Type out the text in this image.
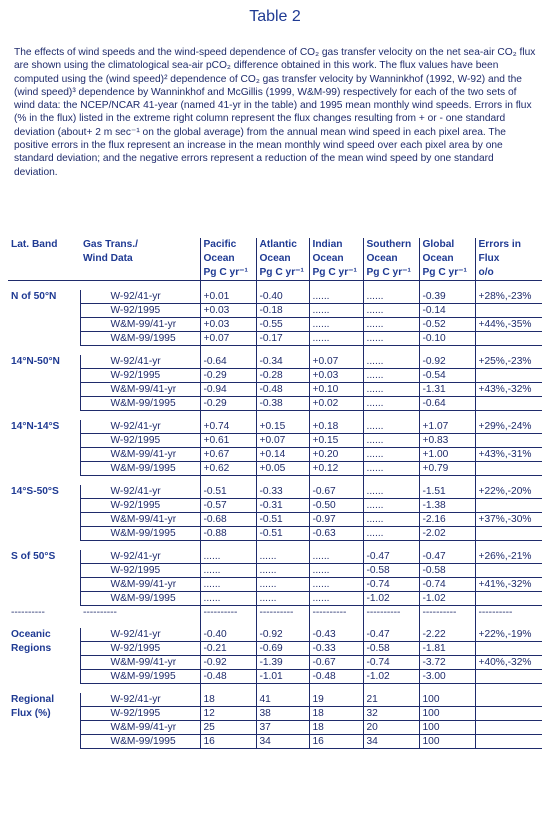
Table 2
The effects of wind speeds and the wind-speed dependence of CO₂ gas transfer velocity on the net sea-air CO₂ flux are shown using the climatological sea-air pCO₂ difference obtained in this work. The flux values have been computed using the (wind speed)² dependence of CO₂ gas transfer velocity by Wanninkhof (1992, W-92) and the (wind speed)³ dependence by Wanninkhof and McGillis (1999, W&M-99) respectively for each of the two sets of wind data: the NCEP/NCAR 41-year (named 41-yr in the table) and 1995 mean monthly wind speeds. Errors in flux (% in the flux) listed in the extreme right column represent the flux changes resulting from + or - one standard deviation (about+ 2 m sec⁻¹ on the global average) from the annual mean wind speed in each pixel area. The positive errors in the flux represent an increase in the mean monthly wind speed over each pixel area by one standard deviation; and the negative errors represent a reduction of the mean wind speed by one standard deviation.
Lat. Band	Gas Trans./	Pacific	Atlantic	Indian	Southern	Global	Errors in
	Wind Data	Ocean	Ocean	Ocean	Ocean	Ocean	Flux
		Pg C yr⁻¹	Pg C yr⁻¹	Pg C yr⁻¹	Pg C yr⁻¹	Pg C yr⁻¹	o/o

N of 50°N	W-92/41-yr	+0.01	-0.40	......	......	-0.39	+28%,-23%
	W-92/1995	+0.03	-0.18	......	......	-0.14	
	W&M-99/41-yr	+0.03	-0.55	......	......	-0.52	+44%,-35%
	W&M-99/1995	+0.07	-0.17	......	......	-0.10	

14°N-50°N	W-92/41-yr	-0.64	-0.34	+0.07	......	-0.92	+25%,-23%
	W-92/1995	-0.29	-0.28	+0.03	......	-0.54	
	W&M-99/41-yr	-0.94	-0.48	+0.10	......	-1.31	+43%,-32%
	W&M-99/1995	-0.29	-0.38	+0.02	......	-0.64	

14°N-14°S	W-92/41-yr	+0.74	+0.15	+0.18	......	+1.07	+29%,-24%
	W-92/1995	+0.61	+0.07	+0.15	......	+0.83	
	W&M-99/41-yr	+0.67	+0.14	+0.20	......	+1.00	+43%,-31%
	W&M-99/1995	+0.62	+0.05	+0.12	......	+0.79	

14°S-50°S	W-92/41-yr	-0.51	-0.33	-0.67	......	-1.51	+22%,-20%
	W-92/1995	-0.57	-0.31	-0.50	......	-1.38	
	W&M-99/41-yr	-0.68	-0.51	-0.97	......	-2.16	+37%,-30%
	W&M-99/1995	-0.88	-0.51	-0.63	......	-2.02	

S of 50°S	W-92/41-yr	......	......	......	-0.47	-0.47	+26%,-21%
	W-92/1995	......	......	......	-0.58	-0.58	
	W&M-99/41-yr	......	......	......	-0.74	-0.74	+41%,-32%
	W&M-99/1995	......	......	......	-1.02	-1.02	
----------	----------	----------	----------	----------	----------	----------	----------

Oceanic	W-92/41-yr	-0.40	-0.92	-0.43	-0.47	-2.22	+22%,-19%
Regions	W-92/1995	-0.21	-0.69	-0.33	-0.58	-1.81	
	W&M-99/41-yr	-0.92	-1.39	-0.67	-0.74	-3.72	+40%,-32%
	W&M-99/1995	-0.48	-1.01	-0.48	-1.02	-3.00	

Regional	W-92/41-yr	18	41	19	21	100	
Flux (%)	W-92/1995	12	38	18	32	100	
	W&M-99/41-yr	25	37	18	20	100	
	W&M-99/1995	16	34	16	34	100	
